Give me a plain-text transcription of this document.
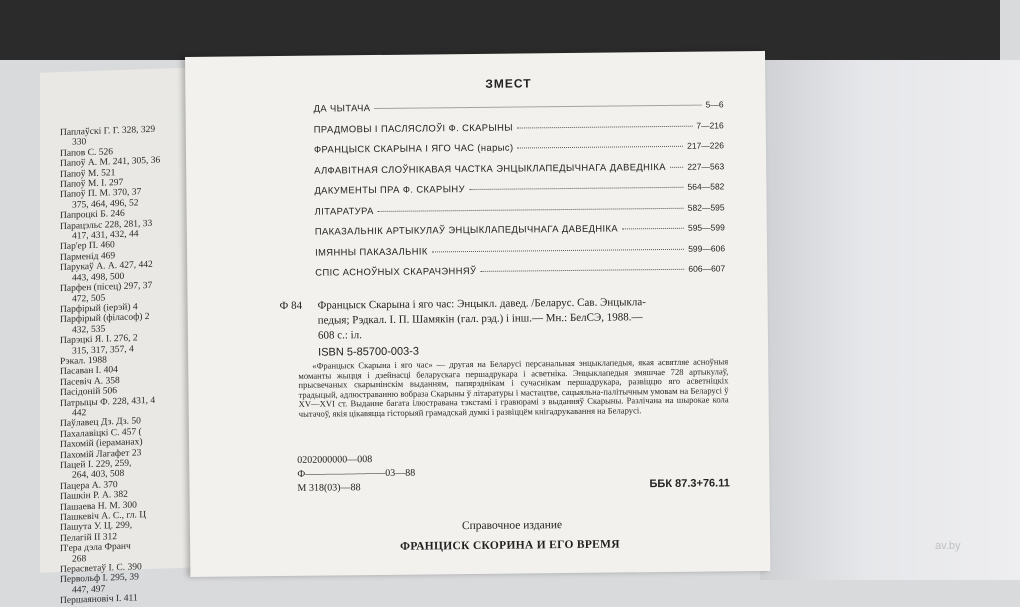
Паплаўскі Г. Г. 328, 329
330
Папов С. 526
Папоў А. М. 241, 305, 36
Папоў М. 521
Папоў М. І. 297
Папоў П. М. 370, 37
375, 464, 496, 52
Папроцкі Б. 246
Парацэльс 228, 281, 33
417, 431, 432, 44
Пар'ер П. 460
Парменід 469
Парукаў А. А. 427, 442
443, 498, 500
Парфен (пісец) 297, 37
472, 505
Парфірый (іерэй) 4
Парфірый (філасоф) 2
432, 535
Парэцкі Я. І. 276, 2
315, 317, 357, 4
Рэкал. 1988
Пасаван І. 404
Пасевіч А. 358
Пасідоній 506
Патрыцы Ф. 228, 431, 4
442
Паўлавец Дз. Дз. 50
Пахалавіцкі С. 457 (
Пахомій (іераманах)
Пахомій Лагафет 23
Пацей І. 229, 259,
264, 403, 508
Пацера А. 370
Пашкін Р. А. 382
Пашаева Н. М. 300
Пашкевіч А. С., гл. Ц
Пашута У. Ц. 299,
Пелагій ІІ 312
П'ера дэла Франч
268
Перасветаў І. С. 390
Первольф І. 295, 39
447, 497
Першаяновіч І. 411
ЗМЕСТ
ДА ЧЫТАЧА	5—6
ПРАДМОВЫ І ПАСЛЯСЛОЎІ Ф. СКАРЫНЫ	7—216
ФРАНЦЫСК СКАРЫНА І ЯГО ЧАС (нарыс)	217—226
АЛФАВІТНАЯ СЛОЎНІКАВАЯ ЧАСТКА ЭНЦЫКЛАПЕДЫЧНАГА ДАВЕДНІКА	227—563
ДАКУМЕНТЫ ПРА Ф. СКАРЫНУ	564—582
ЛІТАРАТУРА	582—595
ПАКАЗАЛЬНІК АРТЫКУЛАЎ ЭНЦЫКЛАПЕДЫЧНАГА ДАВЕДНІКА	595—599
ІМЯННЫ ПАКАЗАЛЬНІК	599—606
СПІС АСНОЎНЫХ СКАРАЧЭННЯЎ	606—607
Ф 84 Францыск Скарына і яго час: Энцыкл. давед. /Беларус. Сав. Энцыкла-
педыя; Рэдкал. І. П. Шамякін (гал. рэд.) і інш.— Мн.: БелСЭ, 1988.—
608 с.: іл.
ISBN 5-85700-003-3
«Францыск Скарына і яго час» — другая на Беларусі персанальная энцыклапедыя, якая асвятляе асноўныя моманты жыцця і дзейнасці беларускага першадрукара і асветніка. Энцыклапедыя змяшчае 728 артыкулаў, прысвечаных скарынінскім выданням, папярэднікам і сучаснікам першадрукара, развіццю яго асветніцкіх традыцый, адлюстраванню вобраза Скарыны ў літаратуры і мастацтве, сацыяльна-палітычным умовам на Беларусі ў XV—XVI ст. Выданне багата ілюстравана тэкстамі і гравюрамі з выданняў Скарыны. Разлічана на шырокае кола чытачоў, якія цікавяцца гісторыяй грамадскай думкі і развіццём кнігадрукавання на Беларусі.
0202000000—008
Ф————————03—88
М 318(03)—88	ББК 87.3+76.11
Справочное издание
ФРАНЦИСК СКОРИНА И ЕГО ВРЕМЯ	av.by
